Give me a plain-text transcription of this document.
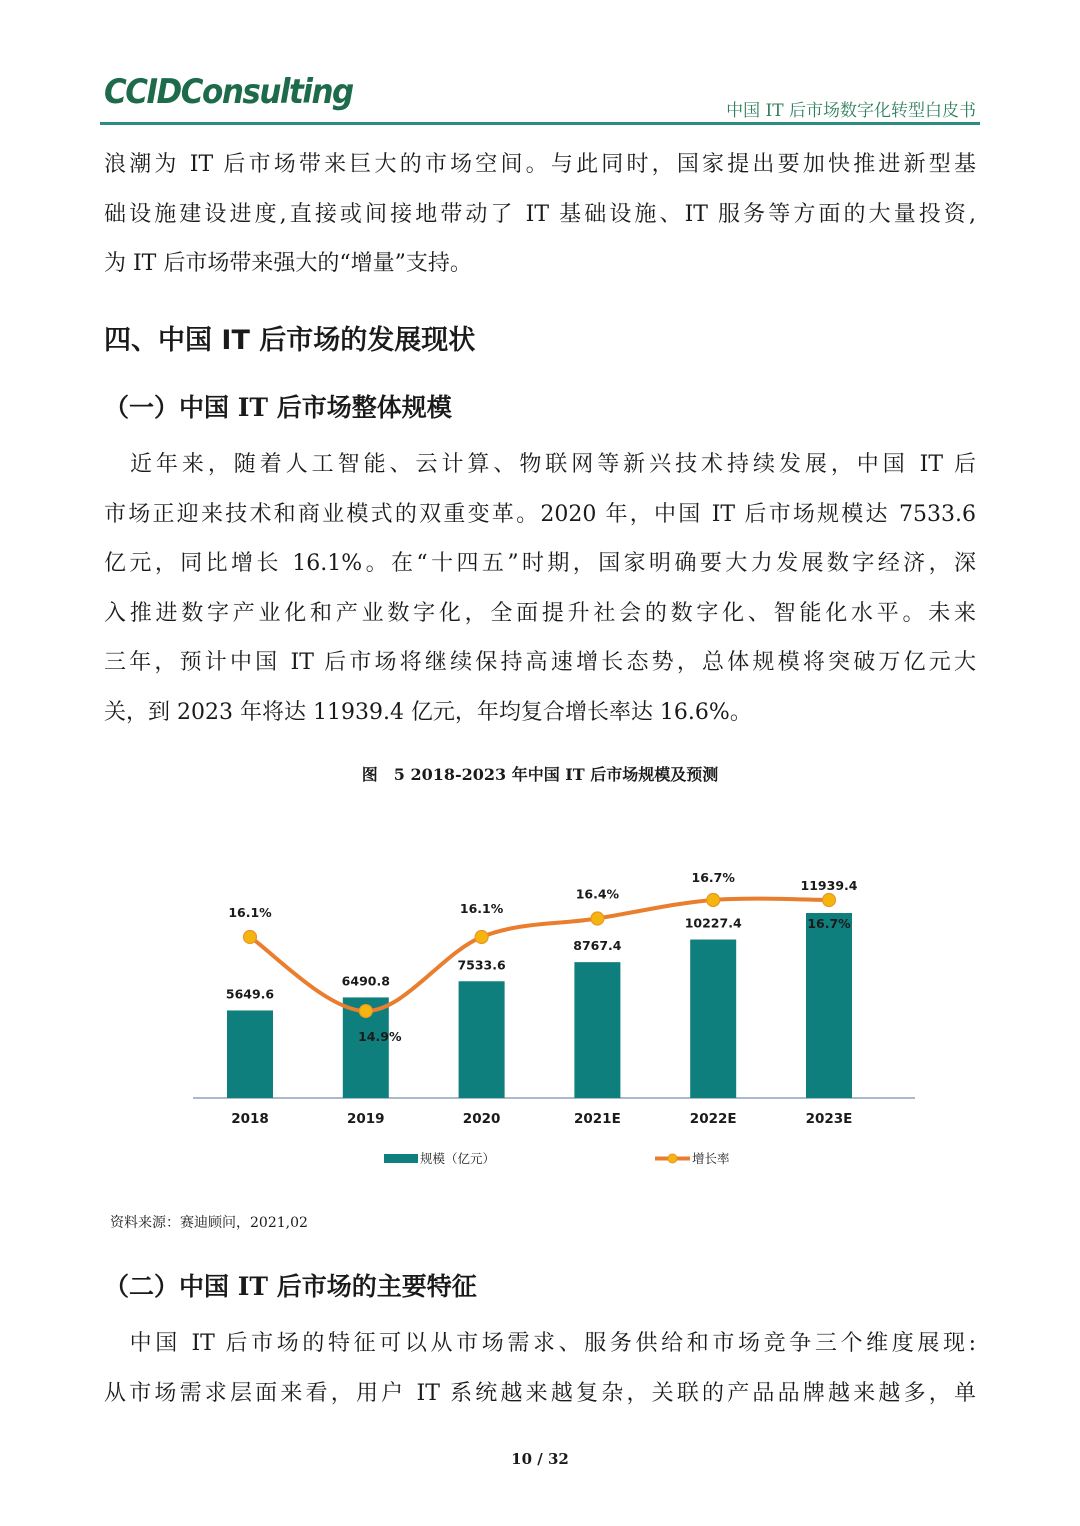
CCIDConsulting	中国 IT 后市场数字化转型白皮书
浪潮为 IT 后市场带来巨大的市场空间。与此同时，国家提出要加快推进新型基
础设施建设进度,直接或间接地带动了 IT 基础设施、IT 服务等方面的大量投资,
为 IT 后市场带来强大的“增量”支持。
四、中国 IT 后市场的发展现状
（一）中国 IT 后市场整体规模
　近年来，随着人工智能、云计算、物联网等新兴技术持续发展，中国 IT 后
市场正迎来技术和商业模式的双重变革。2020 年，中国 IT 后市场规模达 7533.6
亿元，同比增长 16.1%。在“十四五”时期，国家明确要大力发展数字经济，深
入推进数字产业化和产业数字化，全面提升社会的数字化、智能化水平。未来
三年，预计中国 IT 后市场将继续保持高速增长态势，总体规模将突破万亿元大
关，到 2023 年将达 11939.4 亿元，年均复合增长率达 16.6%。
图　5 2018-2023 年中国 IT 后市场规模及预测
5649.6
6490.8
7533.6
8767.4
10227.4
11939.4
16.1%
14.9%
16.1%
16.4%
16.7%
16.7%
2018	2019	2020	2021E	2022E	2023E
规模（亿元）	增长率
资料来源：赛迪顾问，2021,02
（二）中国 IT 后市场的主要特征
　中国 IT 后市场的特征可以从市场需求、服务供给和市场竞争三个维度展现:
从市场需求层面来看，用户 IT 系统越来越复杂，关联的产品品牌越来越多，单
10 / 32
